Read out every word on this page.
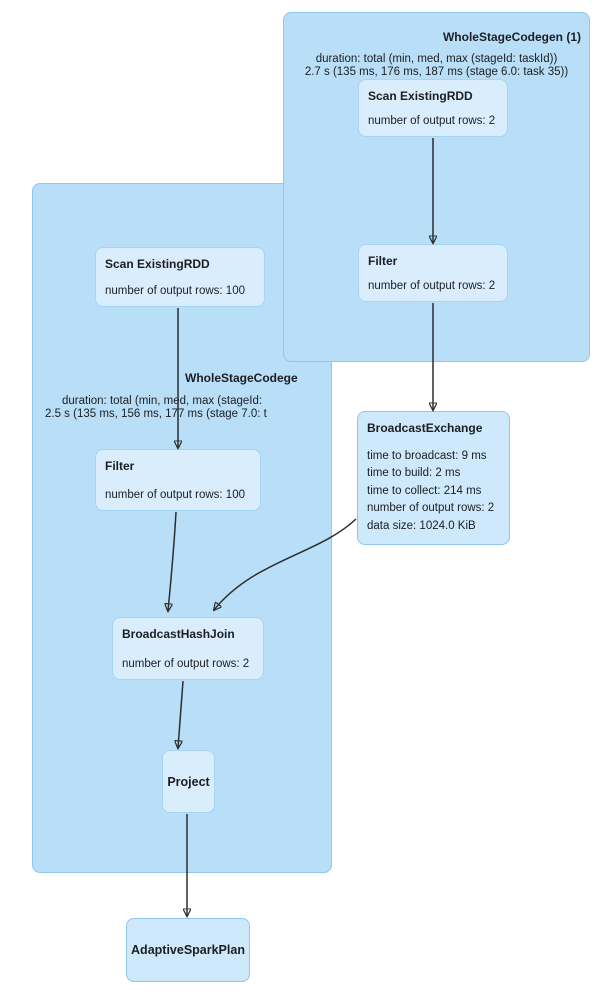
WholeStageCodege
duration: total (min, med, max (stageId:
2.5 s (135 ms, 156 ms, 177 ms (stage 7.0: t
WholeStageCodegen (1)
duration: total (min, med, max (stageId: taskId))
2.7 s (135 ms, 176 ms, 187 ms (stage 6.0: task 35))
Scan ExistingRDD
number of output rows: 2
Filter
number of output rows: 2
BroadcastExchange
time to broadcast: 9 ms
time to build: 2 ms
time to collect: 214 ms
number of output rows: 2
data size: 1024.0 KiB
Scan ExistingRDD
number of output rows: 100
Filter
number of output rows: 100
BroadcastHashJoin
number of output rows: 2
Project
AdaptiveSparkPlan
